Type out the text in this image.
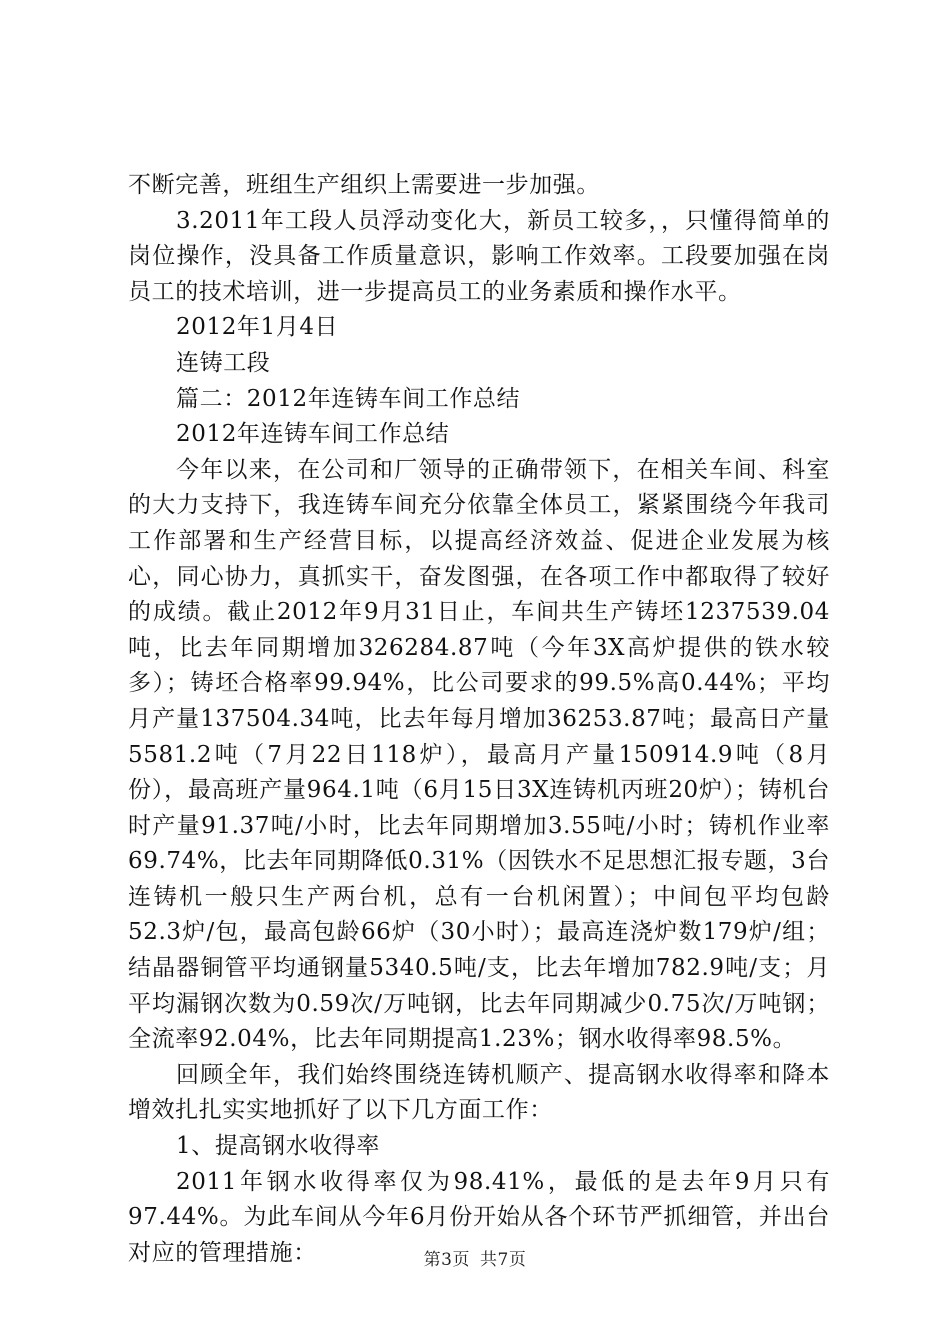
不断完善，班组生产组织上需要进一步加强。

3.2011年工段人员浮动变化大，新员工较多，，只懂得简单的岗位操作，没具备工作质量意识，影响工作效率。工段要加强在岗员工的技术培训，进一步提高员工的业务素质和操作水平。

2012年1月4日

连铸工段

篇二：2012年连铸车间工作总结

2012年连铸车间工作总结

今年以来，在公司和厂领导的正确带领下，在相关车间、科室的大力支持下，我连铸车间充分依靠全体员工，紧紧围绕今年我司工作部署和生产经营目标，以提高经济效益、促进企业发展为核心，同心协力，真抓实干，奋发图强，在各项工作中都取得了较好的成绩。截止2012年9月31日止，车间共生产铸坯1237539.04吨，比去年同期增加326284.87吨（今年3X高炉提供的铁水较多）；铸坯合格率99.94%，比公司要求的99.5%高0.44%；平均月产量137504.34吨，比去年每月增加36253.87吨；最高日产量5581.2吨（7月22日118炉），最高月产量150914.9吨（8月份），最高班产量964.1吨（6月15日3X连铸机丙班20炉）；铸机台时产量91.37吨/小时，比去年同期增加3.55吨/小时；铸机作业率69.74%，比去年同期降低0.31%（因铁水不足思想汇报专题，3台连铸机一般只生产两台机，总有一台机闲置）；中间包平均包龄52.3炉/包，最高包龄66炉（30小时）；最高连浇炉数179炉/组；结晶器铜管平均通钢量5340.5吨/支，比去年增加782.9吨/支；月平均漏钢次数为0.59次/万吨钢，比去年同期减少0.75次/万吨钢；全流率92.04%，比去年同期提高1.23%；钢水收得率98.5%。

回顾全年，我们始终围绕连铸机顺产、提高钢水收得率和降本增效扎扎实实地抓好了以下几方面工作：

1、提高钢水收得率

2011年钢水收得率仅为98.41%，最低的是去年9月只有97.44%。为此车间从今年6月份开始从各个环节严抓细管，并出台对应的管理措施：	第3页 共7页
